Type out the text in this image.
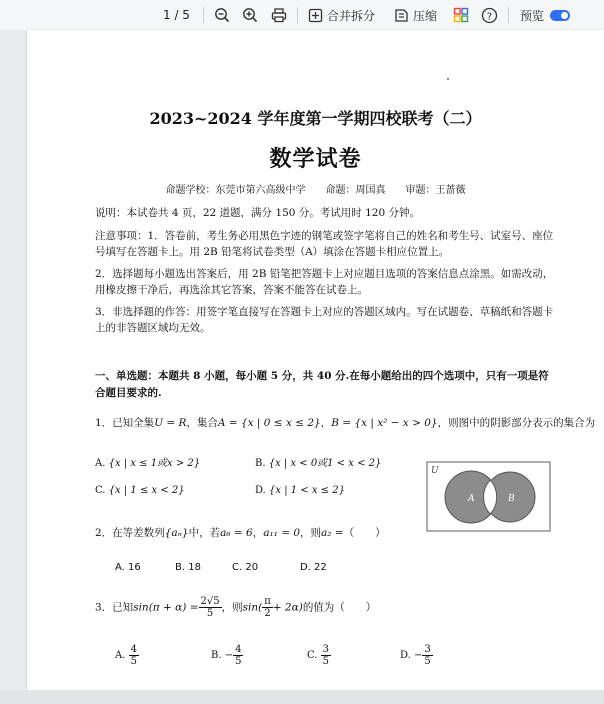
1 / 5	合并拆分	压缩	? 预览
2023~2024 学年度第一学期四校联考（二）
数学试卷
命题学校：东莞市第六高级中学　　命题：周国真　　审题：王蔷薇
说明：本试卷共 4 页，22 道题，满分 150 分。考试用时 120 分钟。
注意事项：1．答卷前，考生务必用黑色字迹的钢笔或签字笔将自己的姓名和考生号、试室号、座位号填写在答题卡上。用 2B 铅笔将试卷类型（A）填涂在答题卡相应位置上。
2．选择题每小题选出答案后，用 2B 铅笔把答题卡上对应题目选项的答案信息点涂黑。如需改动，用橡皮擦干净后，再选涂其它答案，答案不能答在试卷上。
3．非选择题的作答：用签字笔直接写在答题卡上对应的答题区域内。写在试题卷、草稿纸和答题卡上的非答题区域均无效。
一、单选题：本题共 8 小题，每小题 5 分，共 40 分.在每小题给出的四个选项中，只有一项是符合题目要求的.
1．已知全集U = R，集合A = {x | 0 ≤ x ≤ 2}，B = {x | x² − x > 0}，则图中的阴影部分表示的集合为
A. {x | x ≤ 1或x > 2}	B. {x | x < 0或1 < x < 2}
C. {x | 1 ≤ x < 2}	D. {x | 1 < x ≤ 2}
U
A	B
2．在等差数列{aₙ}中，若a₆ = 6，a₁₁ = 0，则a₂ =（　　）
A. 16	B. 18	C. 20	D. 22
3．已知$\sin(\pi + \alpha) = \frac{2√5}{5}$ ，则$\sin( \frac{\pi}{2} + 2\alpha)$的值为（　　）
A. $\frac{4}{5}$	B. − $\frac{4}{5}$	C. $\frac{3}{5}$	D. − $\frac{3}{5}$
